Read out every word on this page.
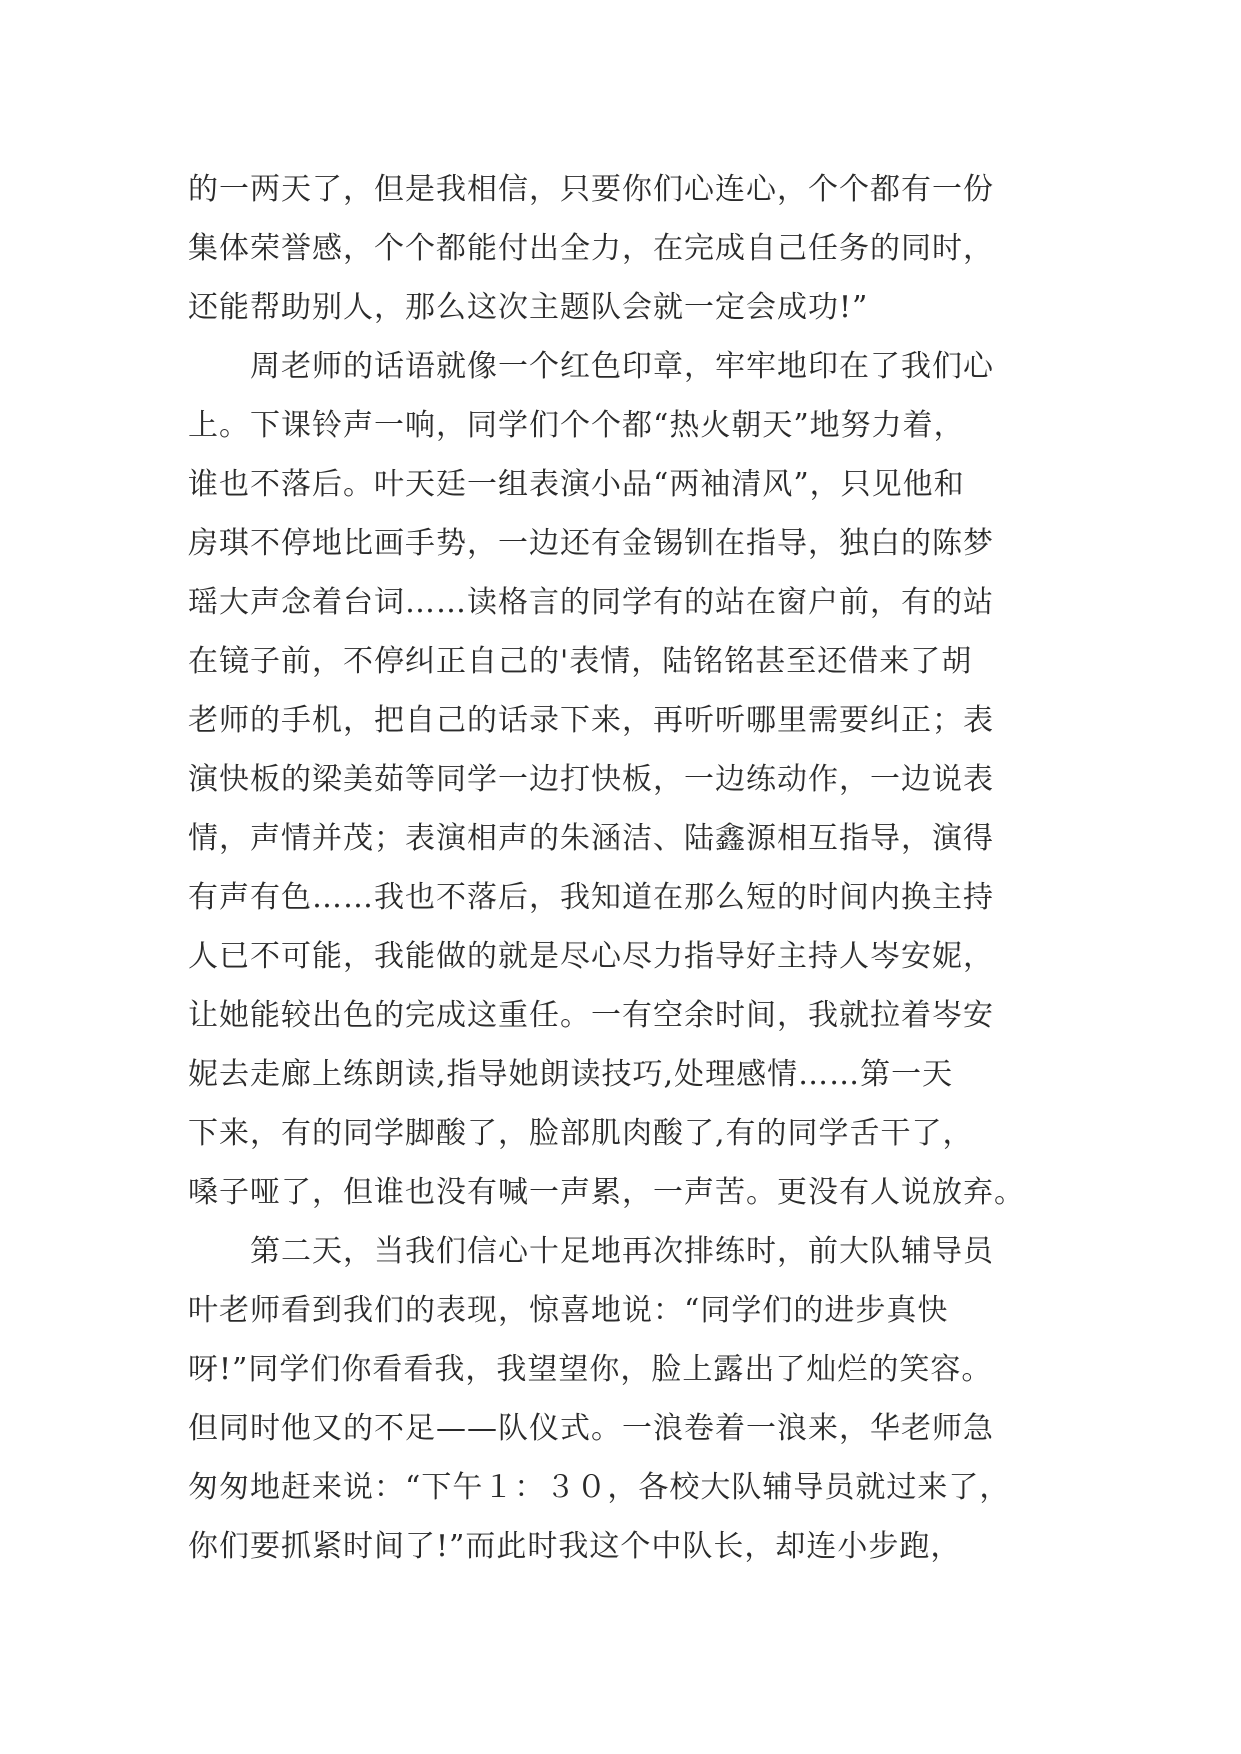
的一两天了，但是我相信，只要你们心连心，个个都有一份
集体荣誉感，个个都能付出全力，在完成自己任务的同时，
还能帮助别人，那么这次主题队会就一定会成功!”
　　周老师的话语就像一个红色印章，牢牢地印在了我们心
上。下课铃声一响，同学们个个都“热火朝天”地努力着，
谁也不落后。叶天廷一组表演小品“两袖清风”，只见他和
房琪不停地比画手势，一边还有金锡钏在指导，独白的陈梦
瑶大声念着台词……读格言的同学有的站在窗户前，有的站
在镜子前，不停纠正自己的'表情，陆铭铭甚至还借来了胡
老师的手机，把自己的话录下来，再听听哪里需要纠正；表
演快板的梁美茹等同学一边打快板，一边练动作，一边说表
情，声情并茂；表演相声的朱涵洁、陆鑫源相互指导，演得
有声有色……我也不落后，我知道在那么短的时间内换主持
人已不可能，我能做的就是尽心尽力指导好主持人岑安妮，
让她能较出色的完成这重任。一有空余时间，我就拉着岑安
妮去走廊上练朗读,指导她朗读技巧,处理感情……第一天
下来，有的同学脚酸了，脸部肌肉酸了,有的同学舌干了，
嗓子哑了，但谁也没有喊一声累，一声苦。更没有人说放弃。
　　第二天，当我们信心十足地再次排练时，前大队辅导员
叶老师看到我们的表现，惊喜地说：“同学们的进步真快
呀!”同学们你看看我，我望望你，脸上露出了灿烂的笑容。
但同时他又的不足——队仪式。一浪卷着一浪来，华老师急
匆匆地赶来说：“下午１：３０，各校大队辅导员就过来了，
你们要抓紧时间了!”而此时我这个中队长，却连小步跑，
